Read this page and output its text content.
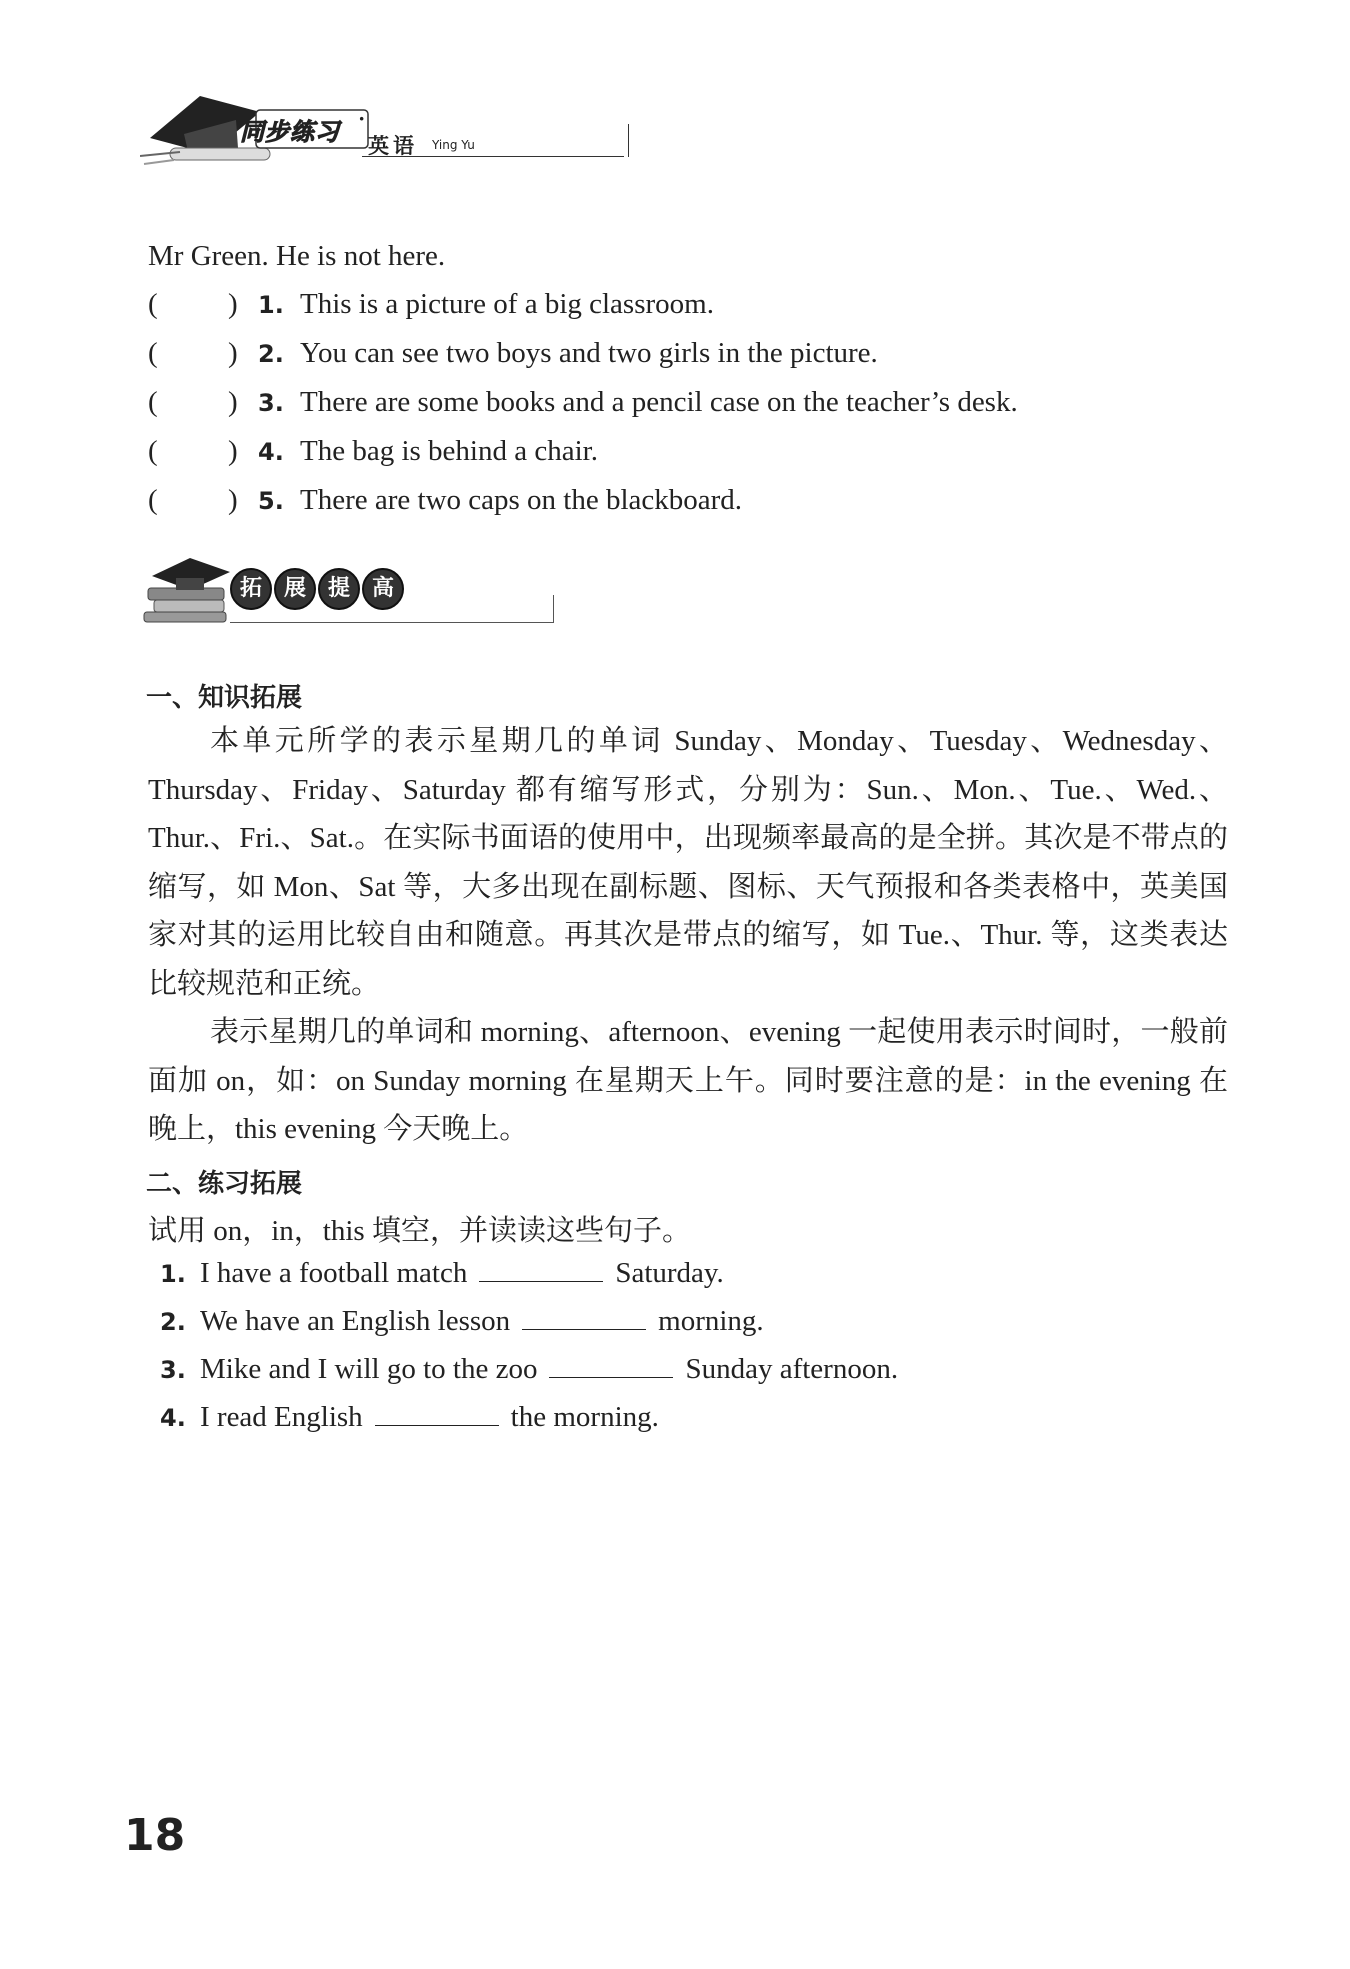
同步练习 ·
英语 Ying Yu
Mr Green. He is not here.
( ) 1. This is a picture of a big classroom.
( ) 2. You can see two boys and two girls in the picture.
( ) 3. There are some books and a pencil case on the teacher’s desk.
( ) 4. The bag is behind a chair.
( ) 5. There are two caps on the blackboard.
拓 展 提 高
一、知识拓展

本单元所学的表示星期几的单词 Sunday、Monday、Tuesday、Wednesday、Thursday、Friday、Saturday 都有缩写形式，分别为：Sun.、Mon.、Tue.、Wed.、Thur.、Fri.、Sat.。在实际书面语的使用中，出现频率最高的是全拼。其次是不带点的缩写，如 Mon、Sat 等，大多出现在副标题、图标、天气预报和各类表格中，英美国家对其的运用比较自由和随意。再其次是带点的缩写，如 Tue.、Thur. 等，这类表达比较规范和正统。

表示星期几的单词和 morning、afternoon、evening 一起使用表示时间时，一般前面加 on，如：on Sunday morning 在星期天上午。同时要注意的是：in the evening 在晚上，this evening 今天晚上。

二、练习拓展
试用 on，in，this 填空，并读读这些句子。
1. I have a football match	Saturday.
2. We have an English lesson	morning.
3. Mike and I will go to the zoo	Sunday afternoon.
4. I read English	the morning.
18
